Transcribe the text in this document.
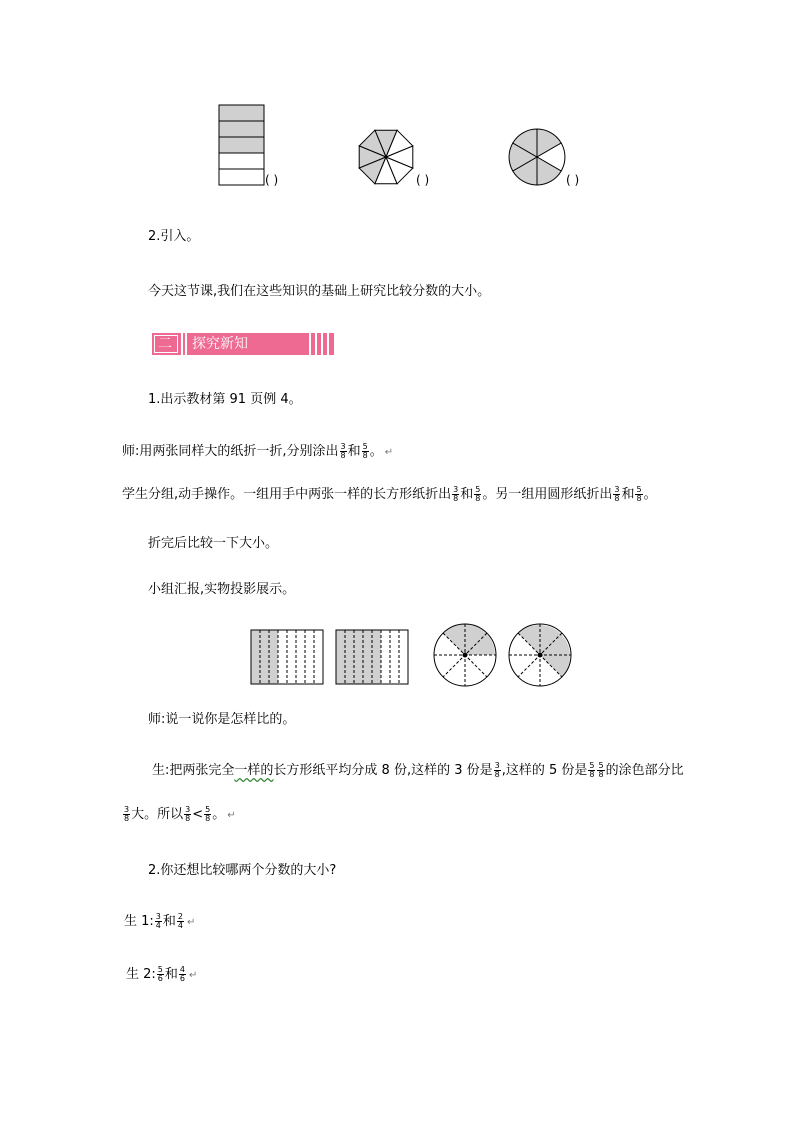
( )	( )	( )
2.引入。
今天这节课,我们在这些知识的基础上研究比较分数的大小。
二 探究新知
1.出示教材第 91 页例 4。
师:用两张同样大的纸折一折,分别涂出 $\frac{3}{8}$ 和 $\frac{5}{8}$ 。 ↵
学生分组,动手操作。一组用手中两张一样的长方形纸折出 $\frac{3}{8}$ 和 $\frac{5}{8}$ 。另一组用圆形纸折出 $\frac{3}{8}$ 和 $\frac{5}{8}$ 。
折完后比较一下大小。
小组汇报,实物投影展示。
师:说一说你是怎样比的。
生:把两张完全一样的长方形纸平均分成 8 份,这样的 3 份是 $\frac{3}{8}$ ,这样的 5 份是 $\frac{5}{8} \frac{5}{8}$ 的涂色部分比
$\frac{3}{8}$ 大。所以 $\frac{3}{8} < \frac{5}{8}$ 。 ↵
2.你还想比较哪两个分数的大小?
生 1: $\frac{3}{4}$ 和 $\frac{2}{4}$ ↵
生 2: $\frac{5}{6}$ 和 $\frac{4}{6}$ ↵
